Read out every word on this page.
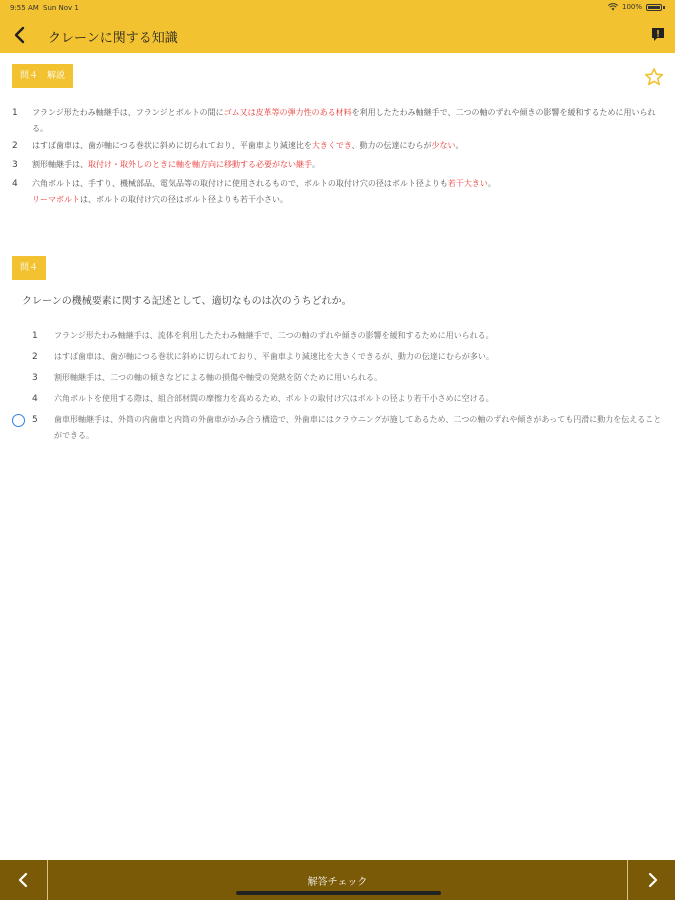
9:55 AM Sun Nov 1	100%
クレーンに関する知識
問４　解説
1	フランジ形たわみ軸継手は、フランジとボルトの間にゴム又は皮革等の弾力性のある材料を利用したたわみ軸継手で、二つの軸のずれや傾きの影響を緩和するために用いられる。
2	はすば歯車は、歯が軸につる巻状に斜めに切られており、平歯車より減速比を大きくでき、動力の伝達にむらが少ない。
3	割形軸継手は、取付け・取外しのときに軸を軸方向に移動する必要がない継手。
4	六角ボルトは、手すり、機械部品、電気品等の取付けに使用されるもので、ボルトの取付け穴の径はボルト径よりも若干大きい。
リーマボルトは、ボルトの取付け穴の径はボルト径よりも若干小さい。
問４
クレーンの機械要素に関する記述として、適切なものは次のうちどれか。
1 フランジ形たわみ軸継手は、流体を利用したたわみ軸継手で、二つの軸のずれや傾きの影響を緩和するために用いられる。
2 はすば歯車は、歯が軸につる巻状に斜めに切られており、平歯車より減速比を大きくできるが、動力の伝達にむらが多い。
3 割形軸継手は、二つの軸の傾きなどによる軸の損傷や軸受の発熱を防ぐために用いられる。
4 六角ボルトを使用する際は、組合部材間の摩擦力を高めるため、ボルトの取付け穴はボルトの径より若干小さめに空ける。
5 歯車形軸継手は、外筒の内歯車と内筒の外歯車がかみ合う構造で、外歯車にはクラウニングが施してあるため、二つの軸のずれや傾きがあっても円滑に動力を伝えることができる。
解答チェック
